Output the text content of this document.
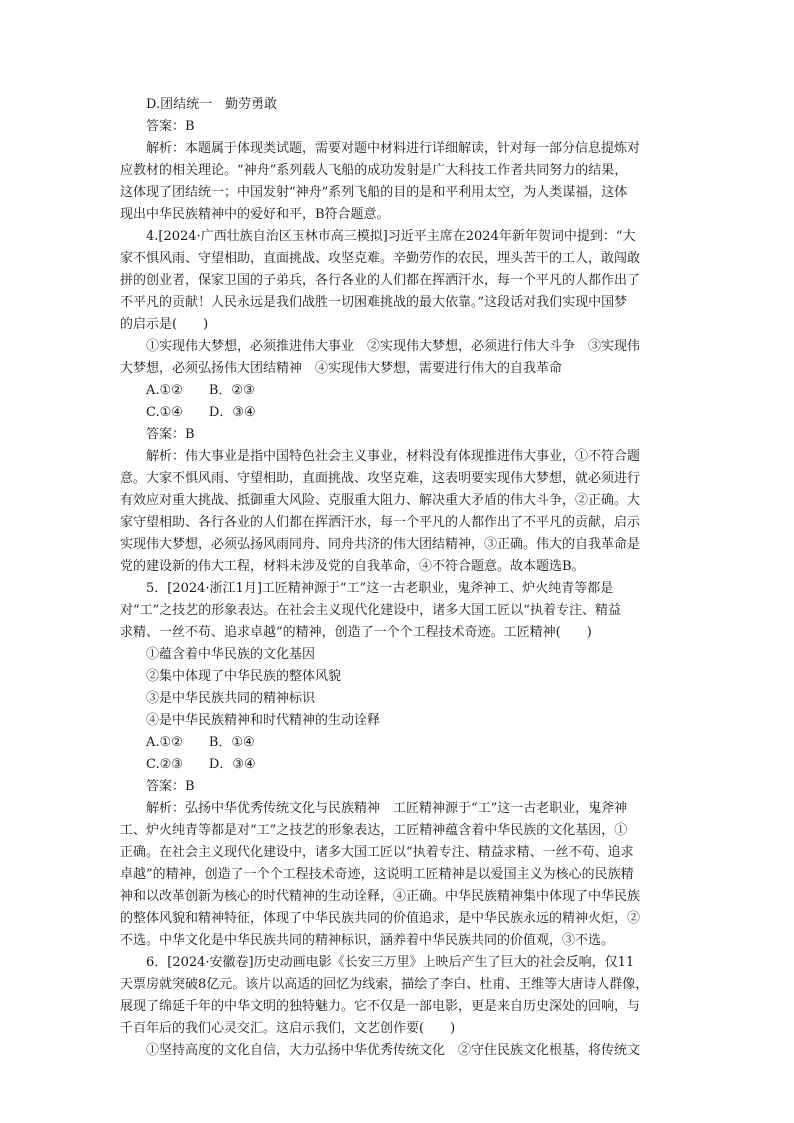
D.团结统一　勤劳勇敢
答案：B
解析：本题属于体现类试题，需要对题中材料进行详细解读，针对每一部分信息提炼对
应教材的相关理论。“神舟”系列载人飞船的成功发射是广大科技工作者共同努力的结果，
这体现了团结统一；中国发射“神舟”系列飞船的目的是和平利用太空，为人类谋福，这体
现出中华民族精神中的爱好和平，B符合题意。
4.[2024·广西壮族自治区玉林市高三模拟]习近平主席在2024年新年贺词中提到：“大
家不惧风雨、守望相助，直面挑战、攻坚克难。辛勤劳作的农民，埋头苦干的工人，敢闯敢
拼的创业者，保家卫国的子弟兵，各行各业的人们都在挥洒汗水，每一个平凡的人都作出了
不平凡的贡献！人民永远是我们战胜一切困难挑战的最大依靠。”这段话对我们实现中国梦
的启示是(　　)
①实现伟大梦想，必须推进伟大事业　②实现伟大梦想，必须进行伟大斗争　③实现伟
大梦想，必须弘扬伟大团结精神　④实现伟大梦想，需要进行伟大的自我革命
A.①②　　B．②③
C.①④　　D．③④
答案：B
解析：伟大事业是指中国特色社会主义事业，材料没有体现推进伟大事业，①不符合题
意。大家不惧风雨、守望相助，直面挑战、攻坚克难，这表明要实现伟大梦想，就必须进行
有效应对重大挑战、抵御重大风险、克服重大阻力、解决重大矛盾的伟大斗争，②正确。大
家守望相助、各行各业的人们都在挥洒汗水，每一个平凡的人都作出了不平凡的贡献，启示
实现伟大梦想，必须弘扬风雨同舟、同舟共济的伟大团结精神，③正确。伟大的自我革命是
党的建设新的伟大工程，材料未涉及党的自我革命，④不符合题意。故本题选B。
5．[2024·浙江1月]工匠精神源于“工”这一古老职业，鬼斧神工、炉火纯青等都是
对“工”之技艺的形象表达。在社会主义现代化建设中，诸多大国工匠以“执着专注、精益
求精、一丝不苟、追求卓越”的精神，创造了一个个工程技术奇迹。工匠精神(　　)
①蕴含着中华民族的文化基因
②集中体现了中华民族的整体风貌
③是中华民族共同的精神标识
④是中华民族精神和时代精神的生动诠释
A.①②　　B．①④
C.②③　　D．③④
答案：B
解析：弘扬中华优秀传统文化与民族精神　工匠精神源于“工”这一古老职业，鬼斧神
工、炉火纯青等都是对“工”之技艺的形象表达，工匠精神蕴含着中华民族的文化基因，①
正确。在社会主义现代化建设中，诸多大国工匠以“执着专注、精益求精、一丝不苟、追求
卓越”的精神，创造了一个个工程技术奇迹，这说明工匠精神是以爱国主义为核心的民族精
神和以改革创新为核心的时代精神的生动诠释，④正确。中华民族精神集中体现了中华民族
的整体风貌和精神特征，体现了中华民族共同的价值追求，是中华民族永远的精神火炬，②
不选。中华文化是中华民族共同的精神标识，涵养着中华民族共同的价值观，③不选。
6．[2024·安徽卷]历史动画电影《长安三万里》上映后产生了巨大的社会反响，仅11
天票房就突破8亿元。该片以高适的回忆为线索，描绘了李白、杜甫、王维等大唐诗人群像，
展现了绵延千年的中华文明的独特魅力。它不仅是一部电影，更是来自历史深处的回响，与
千百年后的我们心灵交汇。这启示我们，文艺创作要(　　)
①坚持高度的文化自信，大力弘扬中华优秀传统文化　②守住民族文化根基，将传统文
